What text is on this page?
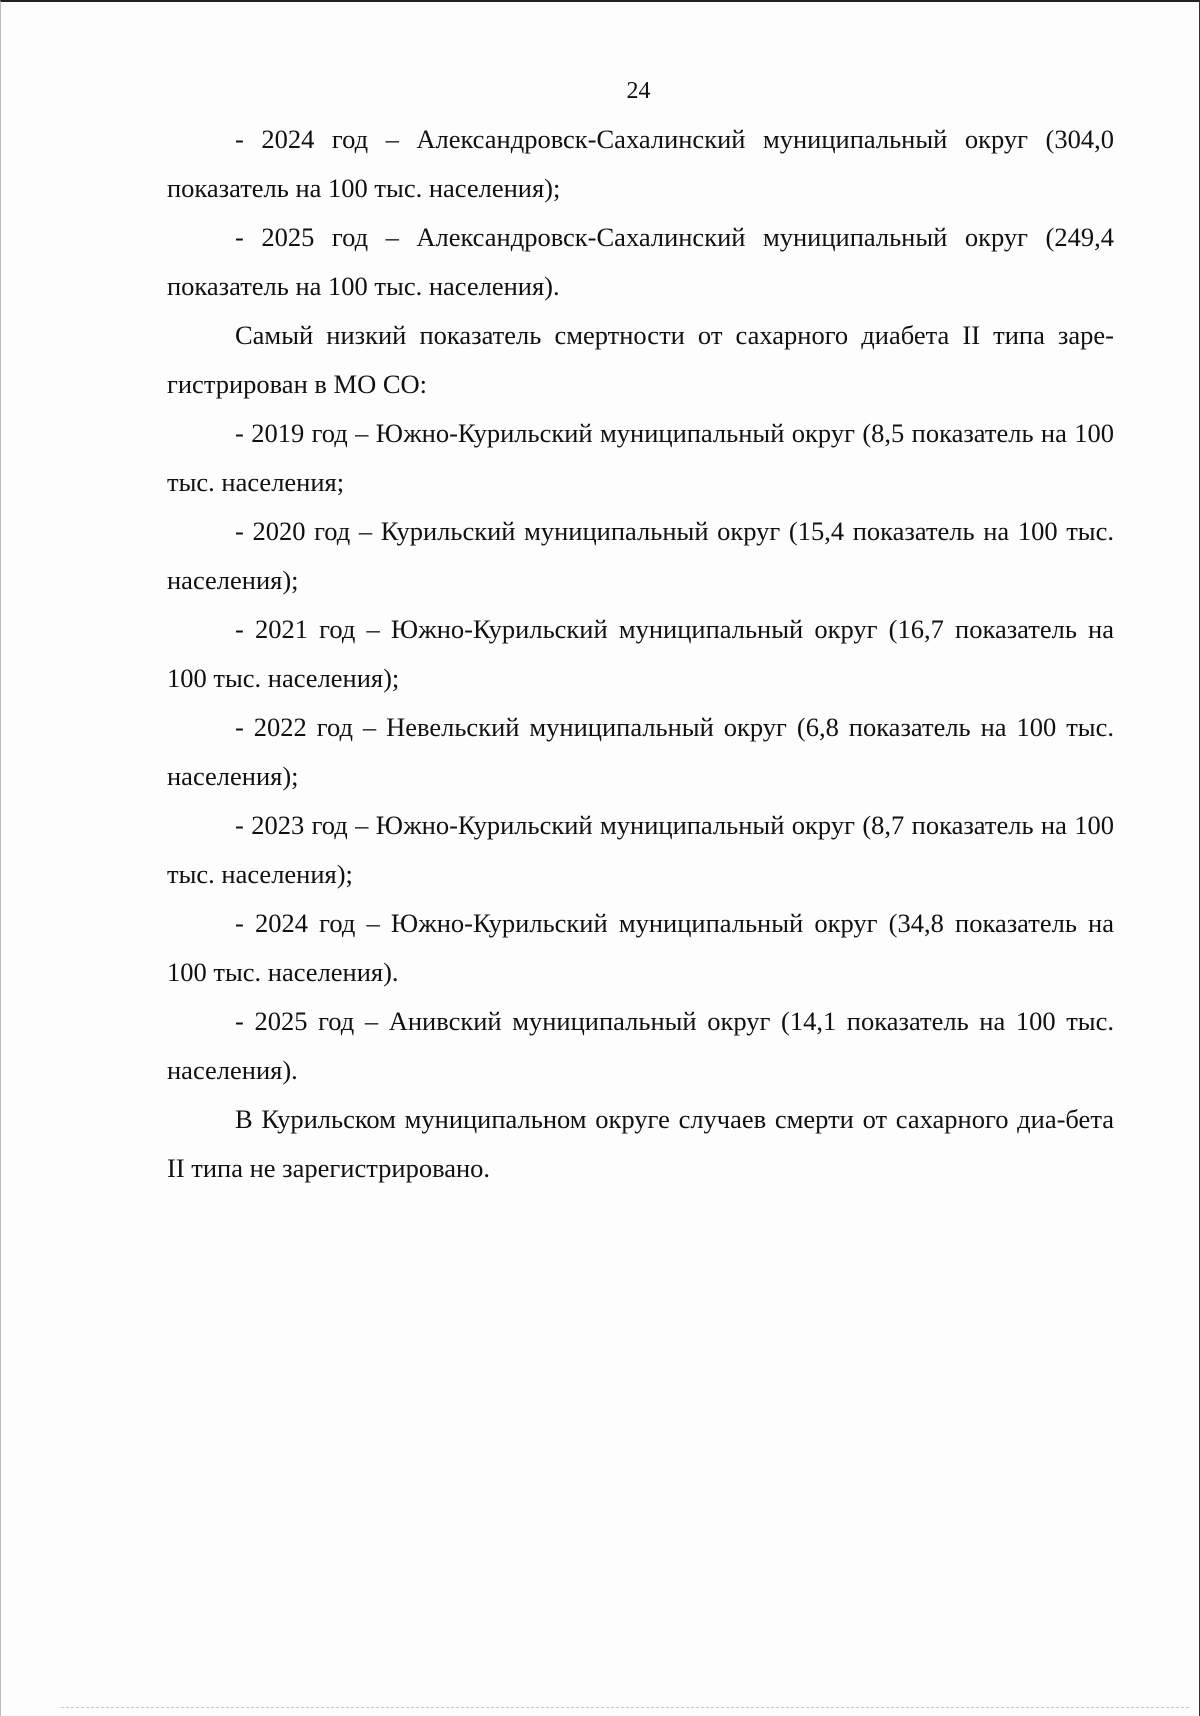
24

- 2024 год – Александровск-Сахалинский муниципальный округ (304,0 показатель на 100 тыс. населения);

- 2025 год – Александровск-Сахалинский муниципальный округ (249,4 показатель на 100 тыс. населения).

Самый низкий показатель смертности от сахарного диабета II типа заре-гистрирован в МО СО:

- 2019 год – Южно-Курильский муниципальный округ (8,5 показатель на 100 тыс. населения;

- 2020 год – Курильский муниципальный округ (15,4 показатель на 100 тыс. населения);

- 2021 год – Южно-Курильский муниципальный округ (16,7 показатель на 100 тыс. населения);

- 2022 год – Невельский муниципальный округ (6,8 показатель на 100 тыс. населения);

- 2023 год – Южно-Курильский муниципальный округ (8,7 показатель на 100 тыс. населения);

- 2024 год – Южно-Курильский муниципальный округ (34,8 показатель на 100 тыс. населения).

- 2025 год – Анивский муниципальный округ (14,1 показатель на 100 тыс. населения).

В Курильском муниципальном округе случаев смерти от сахарного диа-бета II типа не зарегистрировано.
